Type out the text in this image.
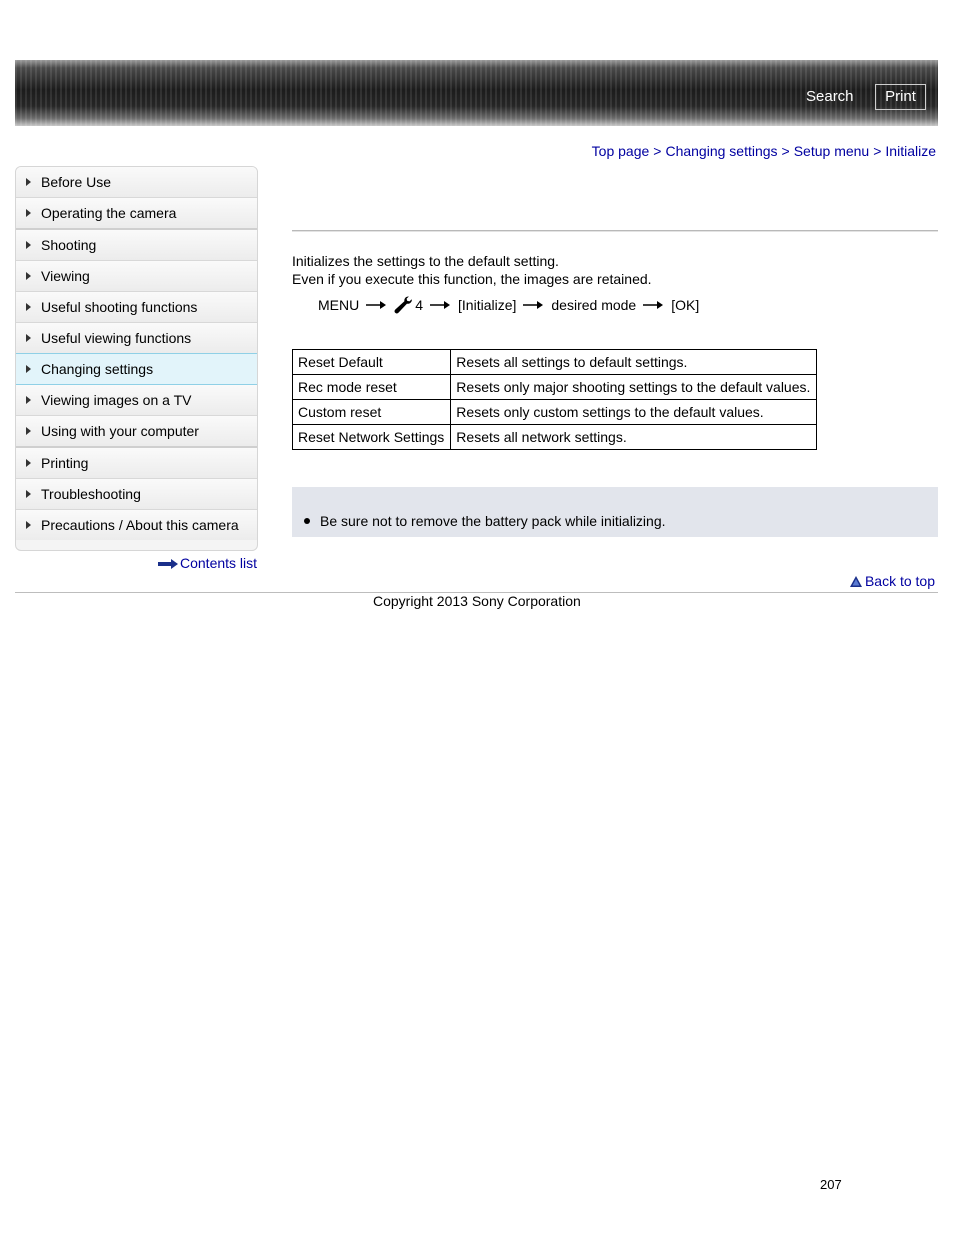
Search	Print
Top page > Changing settings > Setup menu > Initialize
Before Use
Operating the camera
Shooting
Viewing
Useful shooting functions
Useful viewing functions
Changing settings
Viewing images on a TV
Using with your computer
Printing
Troubleshooting
Precautions / About this camera
Contents list
Initializes the settings to the default setting.
Even if you execute this function, the images are retained.
MENU	4	[Initialize]	desired mode	[OK]
Reset Default	Resets all settings to default settings.
Rec mode reset	Resets only major shooting settings to the default values.
Custom reset	Resets only custom settings to the default values.
Reset Network Settings	Resets all network settings.
Be sure not to remove the battery pack while initializing.
Back to top
Copyright 2013 Sony Corporation
207
